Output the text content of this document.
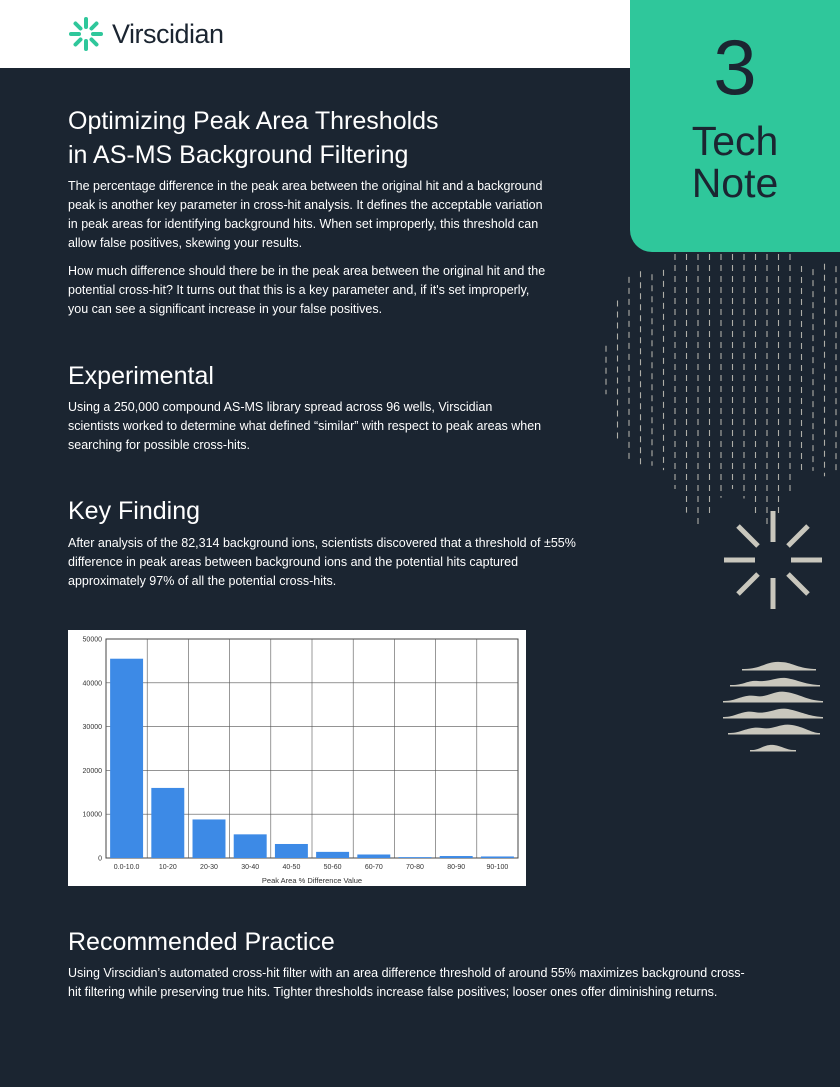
Virscidian	3
Tech
Note
Optimizing Peak Area Thresholds
in AS-MS Background Filtering

The percentage difference in the peak area between the original hit and a background
peak is another key parameter in cross-hit analysis. It defines the acceptable variation
in peak areas for identifying background hits. When set improperly, this threshold can
allow false positives, skewing your results.

How much difference should there be in the peak area between the original hit and the
potential cross-hit? It turns out that this is a key parameter and, if it's set improperly,
you can see a significant increase in your false positives.

Experimental

Using a 250,000 compound AS-MS library spread across 96 wells, Virscidian
scientists worked to determine what defined “similar” with respect to peak areas when
searching for possible cross-hits.

Key Finding

After analysis of the 82,314 background ions, scientists discovered that a threshold of ±55%
difference in peak areas between background ions and the potential hits captured
approximately 97% of all the potential cross-hits.

0
10000
20000
30000
40000
50000
0.0-10.0	10-20	20-30	30-40	40-50	50-60	60-70	70-80	80-90	90-100
Peak Area % Difference Value
Recommended Practice

Using Virscidian’s automated cross-hit filter with an area difference threshold of around 55% maximizes background cross-
hit filtering while preserving true hits. Tighter thresholds increase false positives; looser ones offer diminishing returns.
